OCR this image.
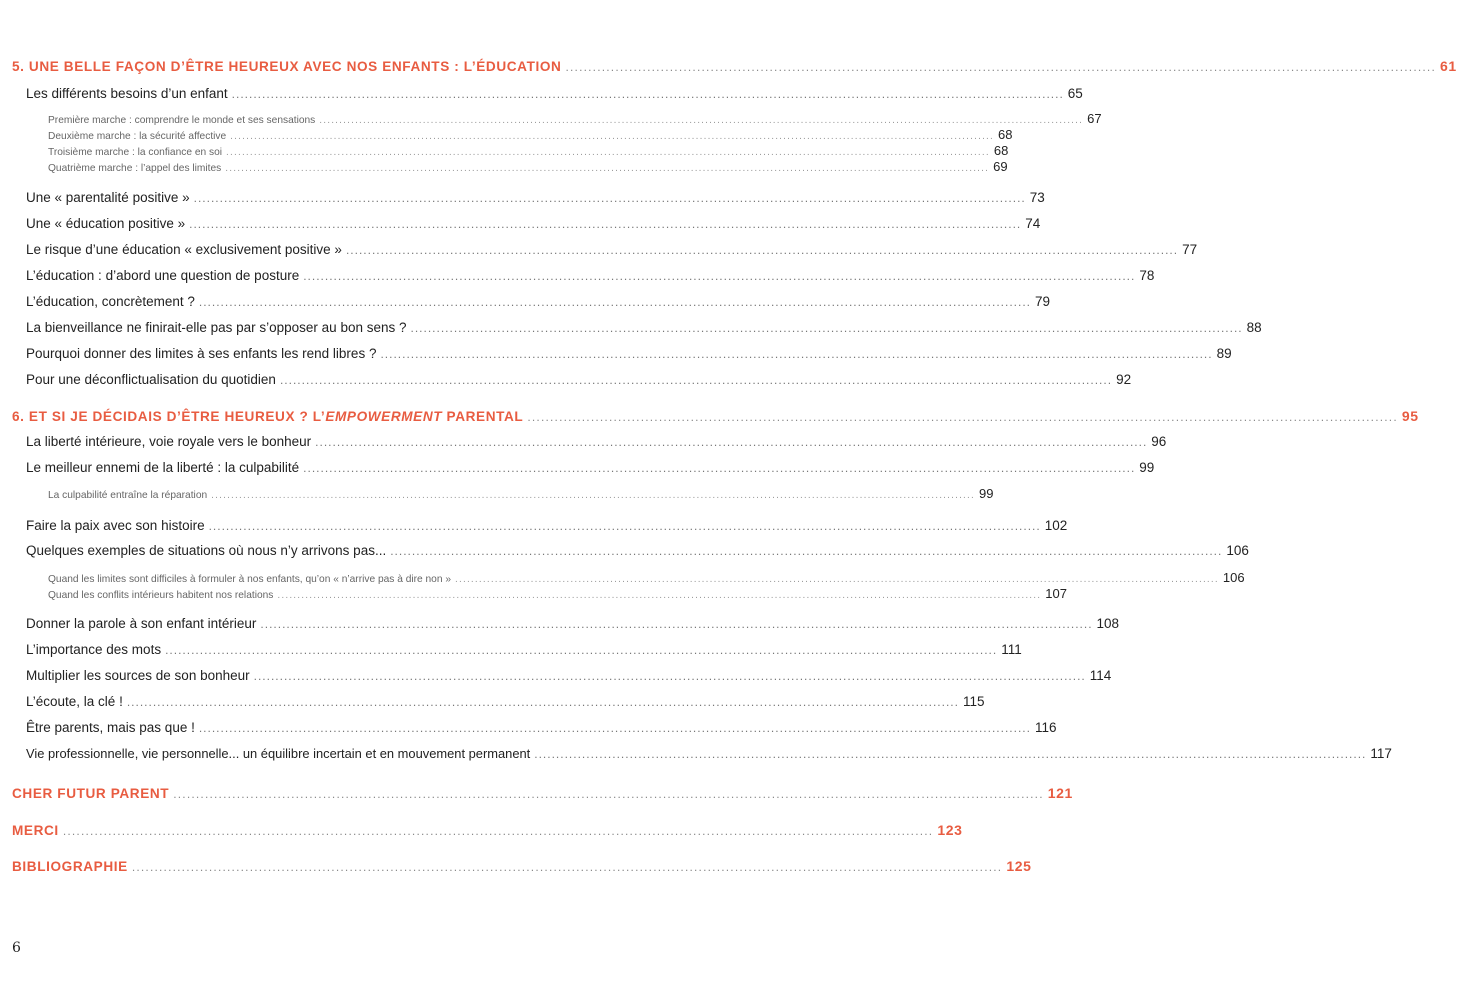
5. UNE BELLE FAÇON D’ÊTRE HEUREUX AVEC NOS ENFANTS : L’ÉDUCATION ................................................................................................................................................................................................ 61
Les différents besoins d’un enfant ................................................................................................................................................................................................ 65
Première marche : comprendre le monde et ses sensations ................................................................................................................................................................................................ 67
Deuxième marche : la sécurité affective ................................................................................................................................................................................................ 68
Troisième marche : la confiance en soi ................................................................................................................................................................................................ 68
Quatrième marche : l’appel des limites ................................................................................................................................................................................................ 69
Une « parentalité positive » ................................................................................................................................................................................................ 73
Une « éducation positive » ................................................................................................................................................................................................ 74
Le risque d’une éducation « exclusivement positive » ................................................................................................................................................................................................ 77
L’éducation : d’abord une question de posture ................................................................................................................................................................................................ 78
L’éducation, concrètement ? ................................................................................................................................................................................................ 79
La bienveillance ne finirait-elle pas par s’opposer au bon sens ? ................................................................................................................................................................................................ 88
Pourquoi donner des limites à ses enfants les rend libres ? ................................................................................................................................................................................................ 89
Pour une déconflictualisation du quotidien ................................................................................................................................................................................................ 92
6. ET SI JE DÉCIDAIS D’ÊTRE HEUREUX ? L’EMPOWERMENT PARENTAL ................................................................................................................................................................................................ 95
La liberté intérieure, voie royale vers le bonheur ................................................................................................................................................................................................ 96
Le meilleur ennemi de la liberté : la culpabilité ................................................................................................................................................................................................ 99
La culpabilité entraîne la réparation ................................................................................................................................................................................................ 99
Faire la paix avec son histoire ................................................................................................................................................................................................ 102
Quelques exemples de situations où nous n’y arrivons pas... ................................................................................................................................................................................................ 106
Quand les limites sont difficiles à formuler à nos enfants, qu’on « n’arrive pas à dire non » ................................................................................................................................................................................................ 106
Quand les conflits intérieurs habitent nos relations ................................................................................................................................................................................................ 107
Donner la parole à son enfant intérieur ................................................................................................................................................................................................ 108
L’importance des mots ................................................................................................................................................................................................ 111
Multiplier les sources de son bonheur ................................................................................................................................................................................................ 114
L’écoute, la clé ! ................................................................................................................................................................................................ 115
Être parents, mais pas que ! ................................................................................................................................................................................................ 116
Vie professionnelle, vie personnelle... un équilibre incertain et en mouvement permanent ................................................................................................................................................................................................ 117
CHER FUTUR PARENT ................................................................................................................................................................................................ 121
MERCI ................................................................................................................................................................................................ 123
BIBLIOGRAPHIE ................................................................................................................................................................................................ 125
6
